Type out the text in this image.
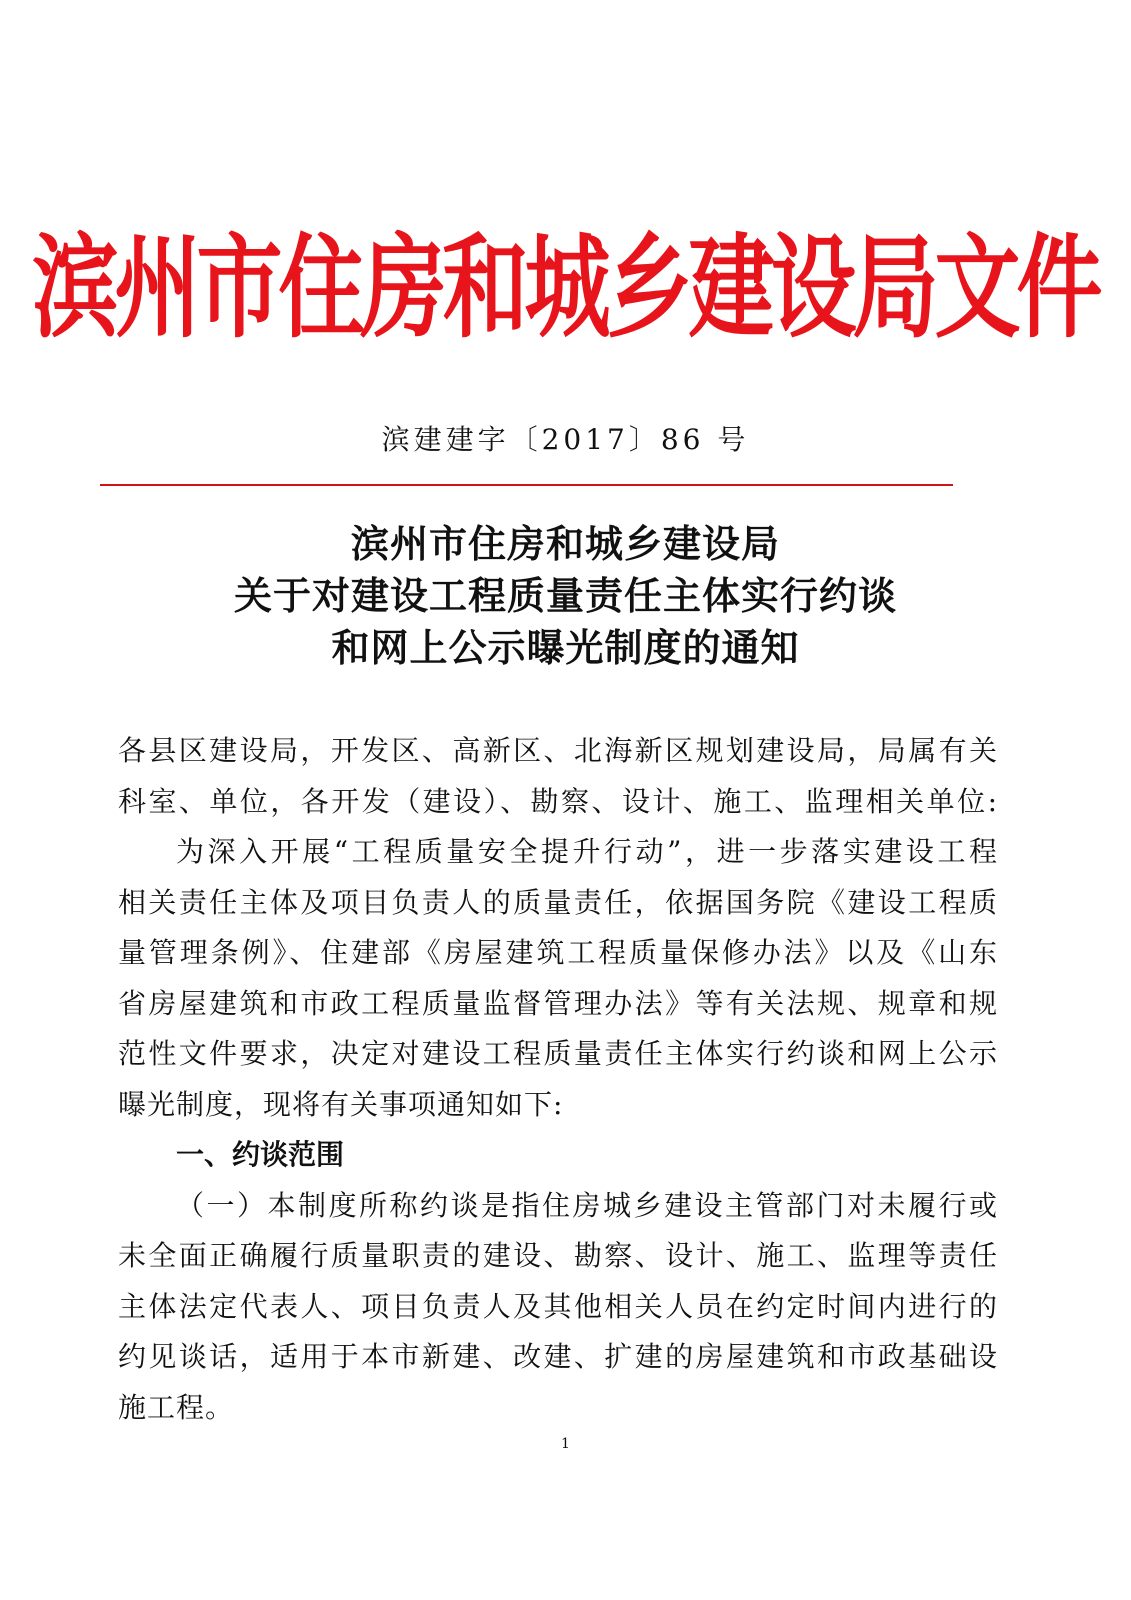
滨州市住房和城乡建设局文件
滨建建字〔2017〕86 号
滨州市住房和城乡建设局
关于对建设工程质量责任主体实行约谈
和网上公示曝光制度的通知
各县区建设局，开发区、高新区、北海新区规划建设局，局属有关
科室、单位，各开发（建设）、勘察、设计、施工、监理相关单位:
为深入开展“工程质量安全提升行动”，进一步落实建设工程
相关责任主体及项目负责人的质量责任，依据国务院《建设工程质
量管理条例》、住建部《房屋建筑工程质量保修办法》以及《山东
省房屋建筑和市政工程质量监督管理办法》等有关法规、规章和规
范性文件要求，决定对建设工程质量责任主体实行约谈和网上公示
曝光制度，现将有关事项通知如下:
一、约谈范围
（一）本制度所称约谈是指住房城乡建设主管部门对未履行或
未全面正确履行质量职责的建设、勘察、设计、施工、监理等责任
主体法定代表人、项目负责人及其他相关人员在约定时间内进行的
约见谈话，适用于本市新建、改建、扩建的房屋建筑和市政基础设
施工程。
1
